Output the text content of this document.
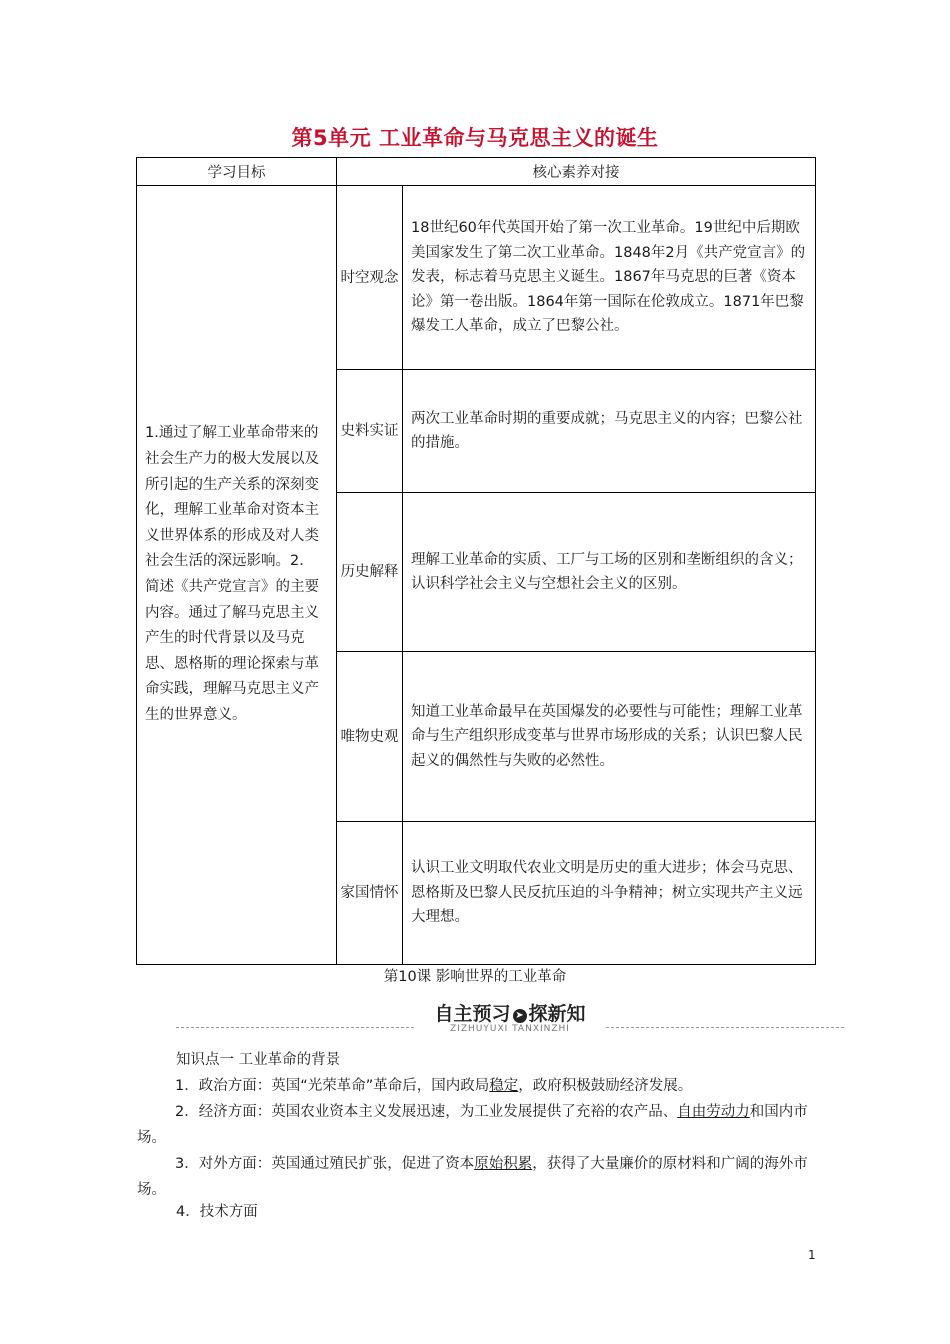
第5单元 工业革命与马克思主义的诞生
学习目标	核心素养对接	
1.通过了解工业革命带来的社会生产力的极大发展以及所引起的生产关系的深刻变化，理解工业革命对资本主义世界体系的形成及对人类社会生活的深远影响。2．简述《共产党宣言》的主要内容。通过了解马克思主义产生的时代背景以及马克思、恩格斯的理论探索与革命实践，理解马克思主义产生的世界意义。	时空观念	18世纪60年代英国开始了第一次工业革命。19世纪中后期欧美国家发生了第二次工业革命。1848年2月《共产党宣言》的发表，标志着马克思主义诞生。1867年马克思的巨著《资本论》第一卷出版。1864年第一国际在伦敦成立。1871年巴黎爆发工人革命，成立了巴黎公社。
	史料实证	两次工业革命时期的重要成就；马克思主义的内容；巴黎公社的措施。
	历史解释	理解工业革命的实质、工厂与工场的区别和垄断组织的含义；认识科学社会主义与空想社会主义的区别。
	唯物史观	知道工业革命最早在英国爆发的必要性与可能性；理解工业革命与生产组织形成变革与世界市场形成的关系；认识巴黎人民起义的偶然性与失败的必然性。
	家国情怀	认识工业文明取代农业文明是历史的重大进步；体会马克思、恩格斯及巴黎人民反抗压迫的斗争精神；树立实现共产主义远大理想。
第10课 影响世界的工业革命
自主预习 ➤ 探新知
ZIZHUYUXI TANXINZHI
知识点一 工业革命的背景
1．政治方面：英国“光荣革命”革命后，国内政局稳定，政府积极鼓励经济发展。
2．经济方面：英国农业资本主义发展迅速，为工业发展提供了充裕的农产品、自由劳动力和国内市场。
3．对外方面：英国通过殖民扩张，促进了资本原始积累，获得了大量廉价的原材料和广阔的海外市场。
4．技术方面
1
